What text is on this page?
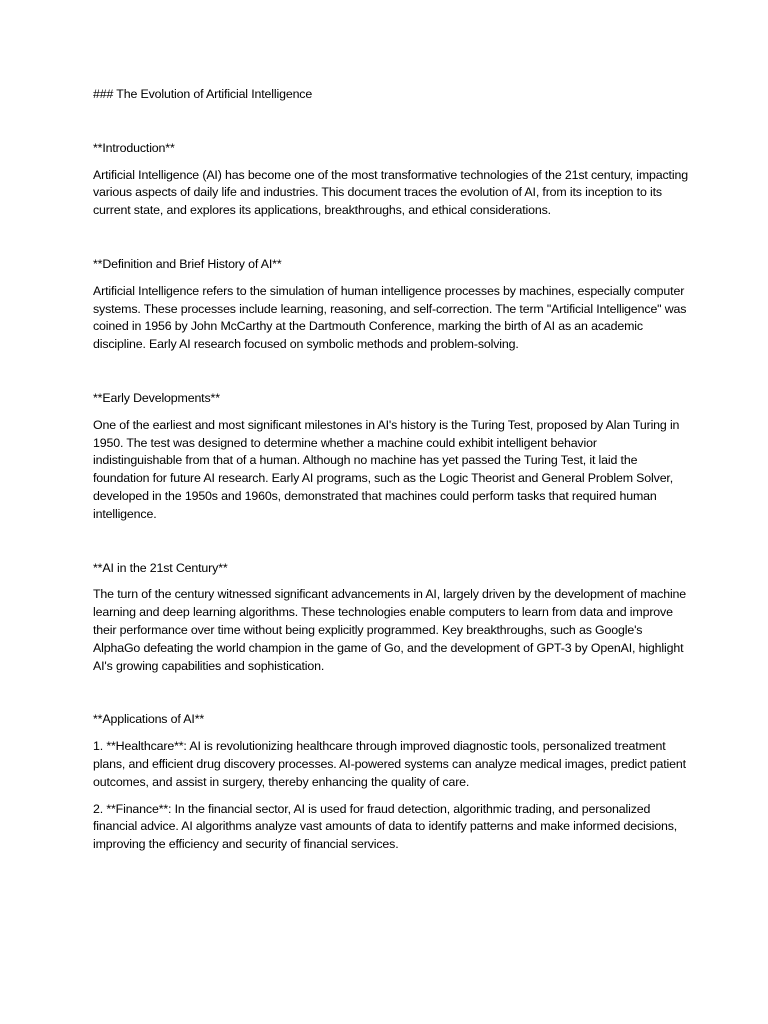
### The Evolution of Artificial Intelligence

**Introduction**

Artificial Intelligence (AI) has become one of the most transformative technologies of the 21st century, impacting various aspects of daily life and industries. This document traces the evolution of AI, from its inception to its current state, and explores its applications, breakthroughs, and ethical considerations.

**Definition and Brief History of AI**

Artificial Intelligence refers to the simulation of human intelligence processes by machines, especially computer systems. These processes include learning, reasoning, and self-correction. The term "Artificial Intelligence" was coined in 1956 by John McCarthy at the Dartmouth Conference, marking the birth of AI as an academic discipline. Early AI research focused on symbolic methods and problem-solving.

**Early Developments**

One of the earliest and most significant milestones in AI's history is the Turing Test, proposed by Alan Turing in 1950. The test was designed to determine whether a machine could exhibit intelligent behavior indistinguishable from that of a human. Although no machine has yet passed the Turing Test, it laid the foundation for future AI research. Early AI programs, such as the Logic Theorist and General Problem Solver, developed in the 1950s and 1960s, demonstrated that machines could perform tasks that required human intelligence.

**AI in the 21st Century**

The turn of the century witnessed significant advancements in AI, largely driven by the development of machine learning and deep learning algorithms. These technologies enable computers to learn from data and improve their performance over time without being explicitly programmed. Key breakthroughs, such as Google's AlphaGo defeating the world champion in the game of Go, and the development of GPT-3 by OpenAI, highlight AI's growing capabilities and sophistication.

**Applications of AI**

1. **Healthcare**: AI is revolutionizing healthcare through improved diagnostic tools, personalized treatment plans, and efficient drug discovery processes. AI-powered systems can analyze medical images, predict patient outcomes, and assist in surgery, thereby enhancing the quality of care.

2. **Finance**: In the financial sector, AI is used for fraud detection, algorithmic trading, and personalized financial advice. AI algorithms analyze vast amounts of data to identify patterns and make informed decisions, improving the efficiency and security of financial services.
